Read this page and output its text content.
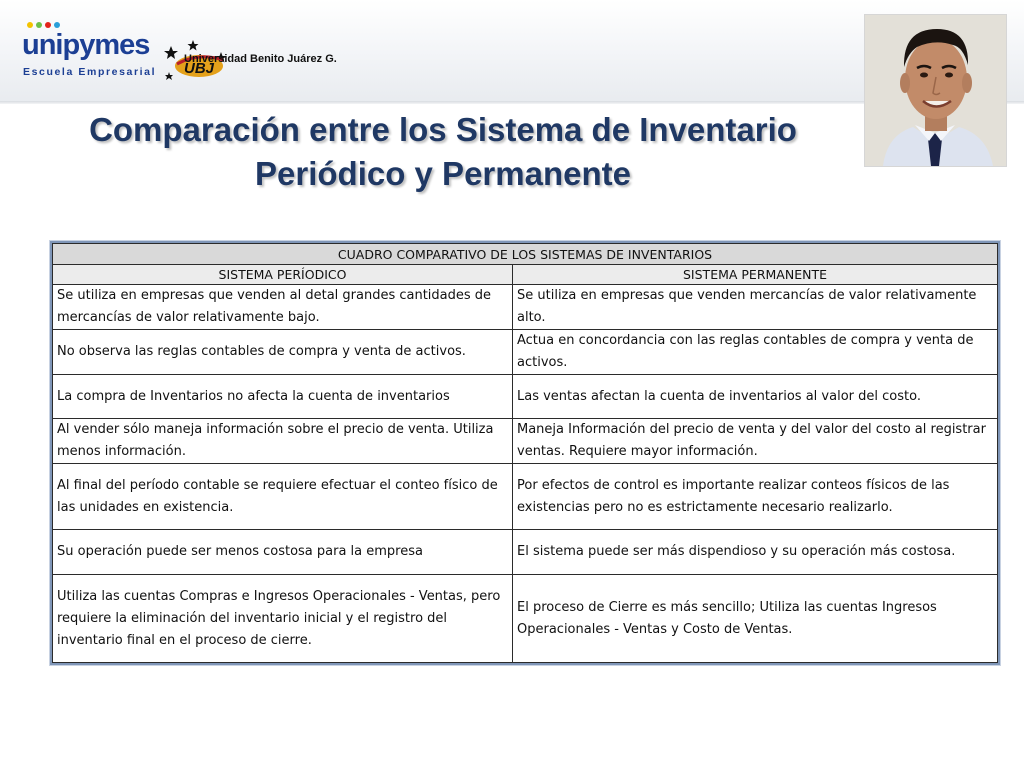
unipymes
Escuela Empresarial UBJ
Universidad Benito Juárez G.
Comparación entre los Sistema de Inventario
Periódico y Permanente
CUADRO COMPARATIVO DE LOS SISTEMAS DE INVENTARIOS	
SISTEMA PERÍODICO	SISTEMA PERMANENTE
Se utiliza en empresas que venden al detal grandes cantidades de mercancías de valor relativamente bajo.	Se utiliza en empresas que venden mercancías de valor relativamente alto.
No observa las reglas contables de compra y venta de activos.	Actua en concordancia con las reglas contables de compra y venta de activos.
La compra de Inventarios no afecta la cuenta de inventarios	Las ventas afectan la cuenta de inventarios al valor del costo.
Al vender sólo maneja información sobre el precio de venta. Utiliza menos información.	Maneja Información del precio de venta y del valor del costo al registrar ventas. Requiere mayor información.
Al final del período contable se requiere efectuar el conteo físico de las unidades en existencia.	Por efectos de control es importante realizar conteos físicos de las existencias pero no es estrictamente necesario realizarlo.
Su operación puede ser menos costosa para la empresa	El sistema puede ser más dispendioso y su operación más costosa.
Utiliza las cuentas Compras e Ingresos Operacionales - Ventas, pero requiere la eliminación del inventario inicial y el registro del inventario final en el proceso de cierre.	El proceso de Cierre es más sencillo; Utiliza las cuentas Ingresos Operacionales - Ventas y Costo de Ventas.
